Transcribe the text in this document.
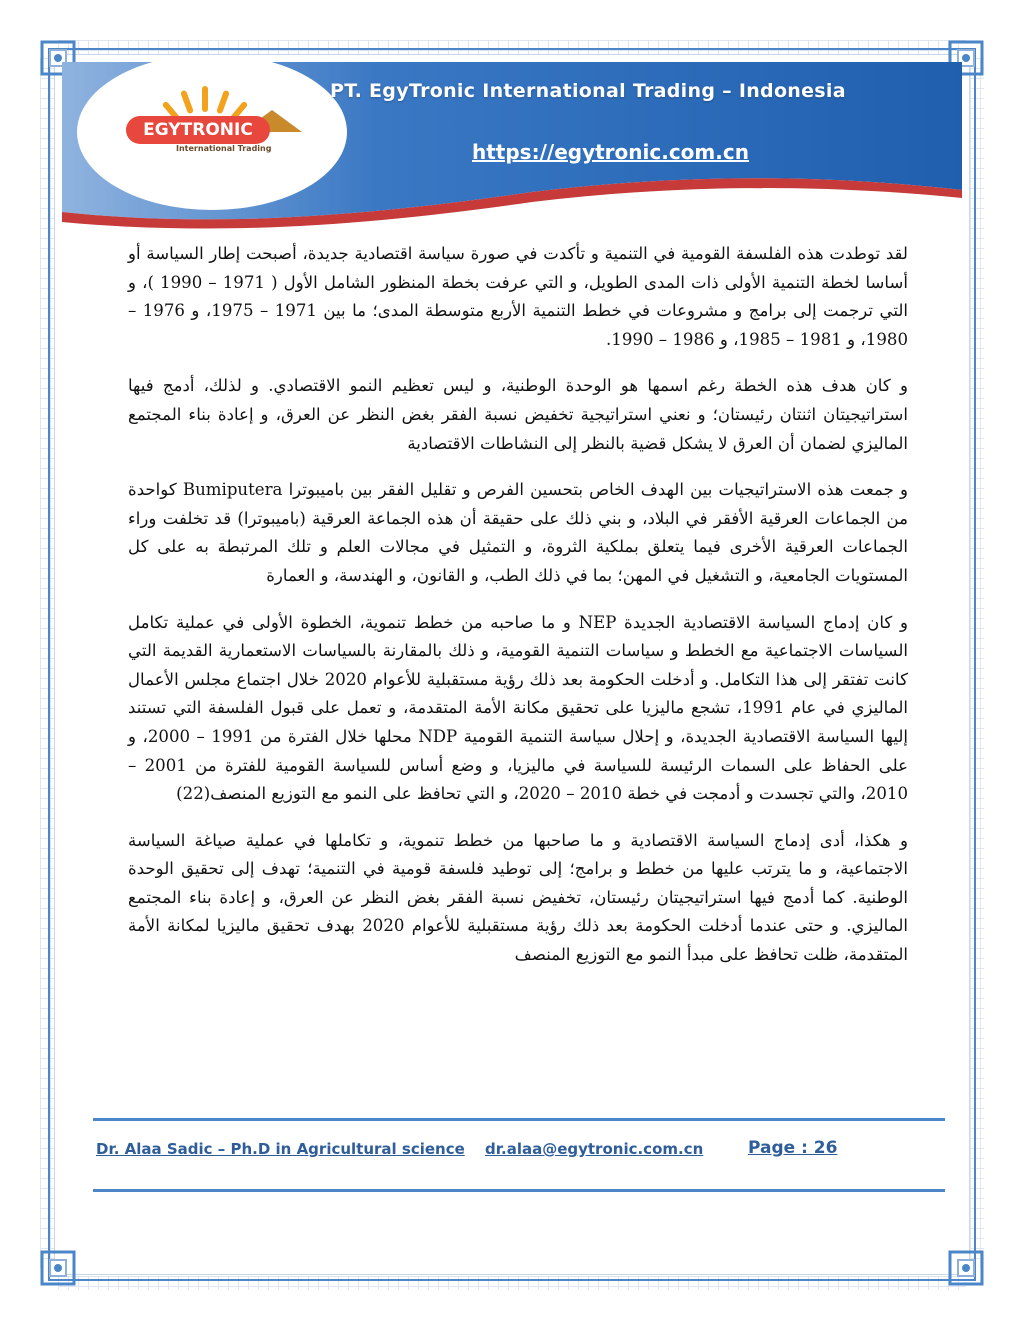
EGYTRONIC
International Trading
PT. EgyTronic International Trading – Indonesia
https://egytronic.com.cn

لقد توطدت هذه الفلسفة القومية في التنمية و تأكدت في صورة سياسة اقتصادية جديدة، أصبحت إطار السياسة أو أساسا لخطة التنمية الأولى ذات المدى الطويل، و التي عرفت بخطة المنظور الشامل الأول ( 1971 – 1990 )، و التي ترجمت إلى برامج و مشروعات في خطط التنمية الأربع متوسطة المدى؛ ما بين 1971 – 1975، و 1976 – 1980، و 1981 – 1985، و 1986 – 1990.

و كان هدف هذه الخطة رغم اسمها هو الوحدة الوطنية، و ليس تعظيم النمو الاقتصادي. و لذلك، أدمج فيها استراتيجيتان اثنتان رئيستان؛ و نعني استراتيجية تخفيض نسبة الفقر بغض النظر عن العرق، و إعادة بناء المجتمع الماليزي لضمان أن العرق لا يشكل قضية بالنظر إلى النشاطات الاقتصادية

و جمعت هذه الاستراتيجيات بين الهدف الخاص بتحسين الفرص و تقليل الفقر بين باميبوترا Bumiputera كواحدة من الجماعات العرقية الأفقر في البلاد، و بني ذلك على حقيقة أن هذه الجماعة العرقية (باميبوترا) قد تخلفت وراء الجماعات العرقية الأخرى فيما يتعلق بملكية الثروة، و التمثيل في مجالات العلم و تلك المرتبطة به على كل المستويات الجامعية، و التشغيل في المهن؛ بما في ذلك الطب، و القانون، و الهندسة، و العمارة

و كان إدماج السياسة الاقتصادية الجديدة NEP و ما صاحبه من خطط تنموية، الخطوة الأولى في عملية تكامل السياسات الاجتماعية مع الخطط و سياسات التنمية القومية، و ذلك بالمقارنة بالسياسات الاستعمارية القديمة التي كانت تفتقر إلى هذا التكامل. و أدخلت الحكومة بعد ذلك رؤية مستقبلية للأعوام 2020 خلال اجتماع مجلس الأعمال الماليزي في عام 1991، تشجع ماليزيا على تحقيق مكانة الأمة المتقدمة، و تعمل على قبول الفلسفة التي تستند إليها السياسة الاقتصادية الجديدة، و إحلال سياسة التنمية القومية NDP محلها خلال الفترة من 1991 – 2000، و على الحفاظ على السمات الرئيسة للسياسة في ماليزيا، و وضع أساس للسياسة القومية للفترة من 2001 – 2010، والتي تجسدت و أدمجت في خطة 2010 – 2020، و التي تحافظ على النمو مع التوزيع المنصف(22)

و هكذا، أدى إدماج السياسة الاقتصادية و ما صاحبها من خطط تنموية، و تكاملها في عملية صياغة السياسة الاجتماعية، و ما يترتب عليها من خطط و برامج؛ إلى توطيد فلسفة قومية في التنمية؛ تهدف إلى تحقيق الوحدة الوطنية. كما أدمج فيها استراتيجيتان رئيستان، تخفيض نسبة الفقر بغض النظر عن العرق، و إعادة بناء المجتمع الماليزي. و حتى عندما أدخلت الحكومة بعد ذلك رؤية مستقبلية للأعوام 2020 بهدف تحقيق ماليزيا لمكانة الأمة المتقدمة، ظلت تحافظ على مبدأ النمو مع التوزيع المنصف

Dr. Alaa Sadic – Ph.D in Agricultural science dr.alaa@egytronic.com.cn	Page : 26
